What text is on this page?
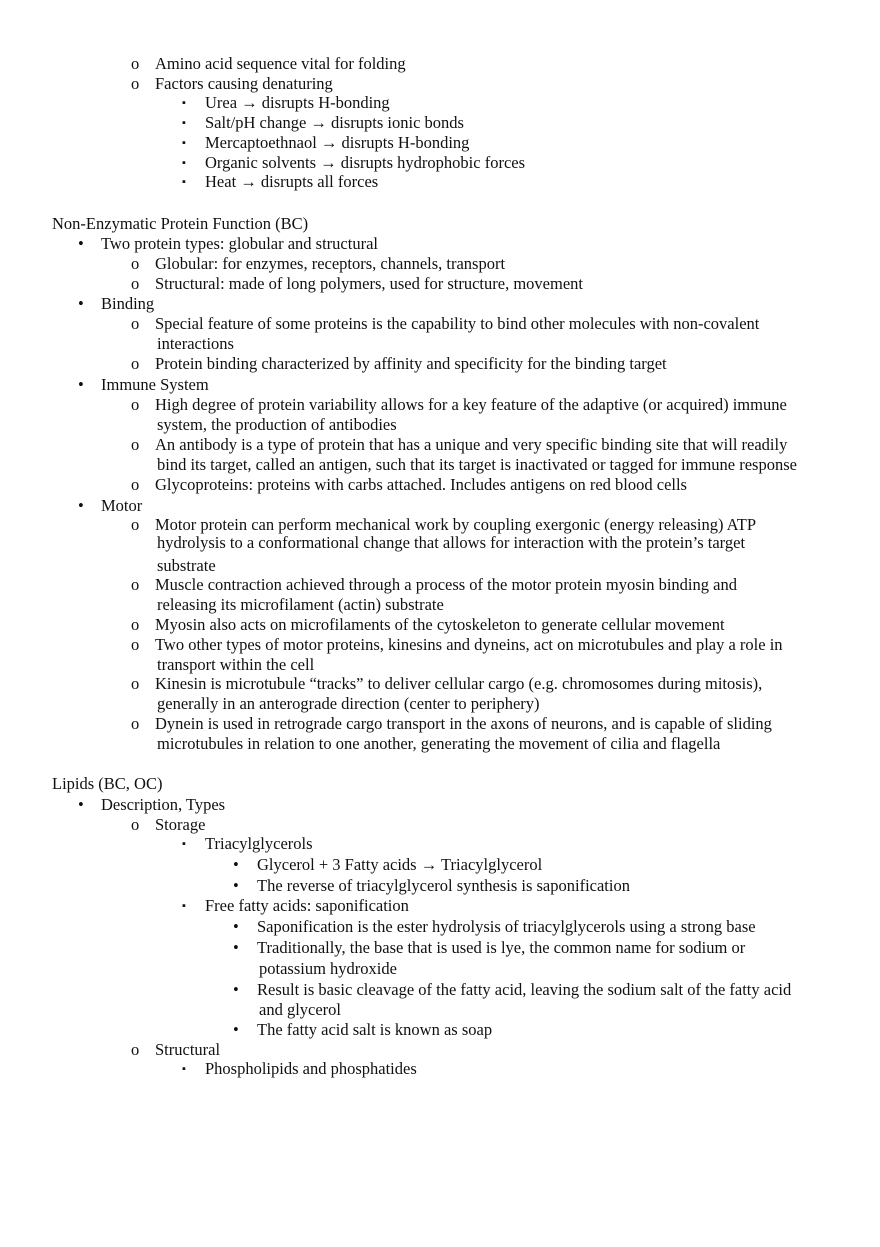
o Amino acid sequence vital for folding
o Factors causing denaturing
▪ Urea → disrupts H-bonding
▪ Salt/pH change → disrupts ionic bonds
▪ Mercaptoethnaol → disrupts H-bonding
▪ Organic solvents → disrupts hydrophobic forces
▪ Heat → disrupts all forces
Non-Enzymatic Protein Function (BC)
• Two protein types: globular and structural
o Globular: for enzymes, receptors, channels, transport
o Structural: made of long polymers, used for structure, movement
• Binding
o Special feature of some proteins is the capability to bind other molecules with non-covalent
interactions
o Protein binding characterized by affinity and specificity for the binding target
• Immune System
o High degree of protein variability allows for a key feature of the adaptive (or acquired) immune
system, the production of antibodies
o An antibody is a type of protein that has a unique and very specific binding site that will readily
bind its target, called an antigen, such that its target is inactivated or tagged for immune response
o Glycoproteins: proteins with carbs attached. Includes antigens on red blood cells
• Motor
o Motor protein can perform mechanical work by coupling exergonic (energy releasing) ATP
hydrolysis to a conformational change that allows for interaction with the protein’s target
substrate
o Muscle contraction achieved through a process of the motor protein myosin binding and
releasing its microfilament (actin) substrate
o Myosin also acts on microfilaments of the cytoskeleton to generate cellular movement
o Two other types of motor proteins, kinesins and dyneins, act on microtubules and play a role in
transport within the cell
o Kinesin is microtubule “tracks” to deliver cellular cargo (e.g. chromosomes during mitosis),
generally in an anterograde direction (center to periphery)
o Dynein is used in retrograde cargo transport in the axons of neurons, and is capable of sliding
microtubules in relation to one another, generating the movement of cilia and flagella
Lipids (BC, OC)
• Description, Types
o Storage
▪ Triacylglycerols
• Glycerol + 3 Fatty acids → Triacylglycerol
• The reverse of triacylglycerol synthesis is saponification
▪ Free fatty acids: saponification
• Saponification is the ester hydrolysis of triacylglycerols using a strong base
• Traditionally, the base that is used is lye, the common name for sodium or
potassium hydroxide
• Result is basic cleavage of the fatty acid, leaving the sodium salt of the fatty acid
and glycerol
• The fatty acid salt is known as soap
o Structural
▪ Phospholipids and phosphatides
